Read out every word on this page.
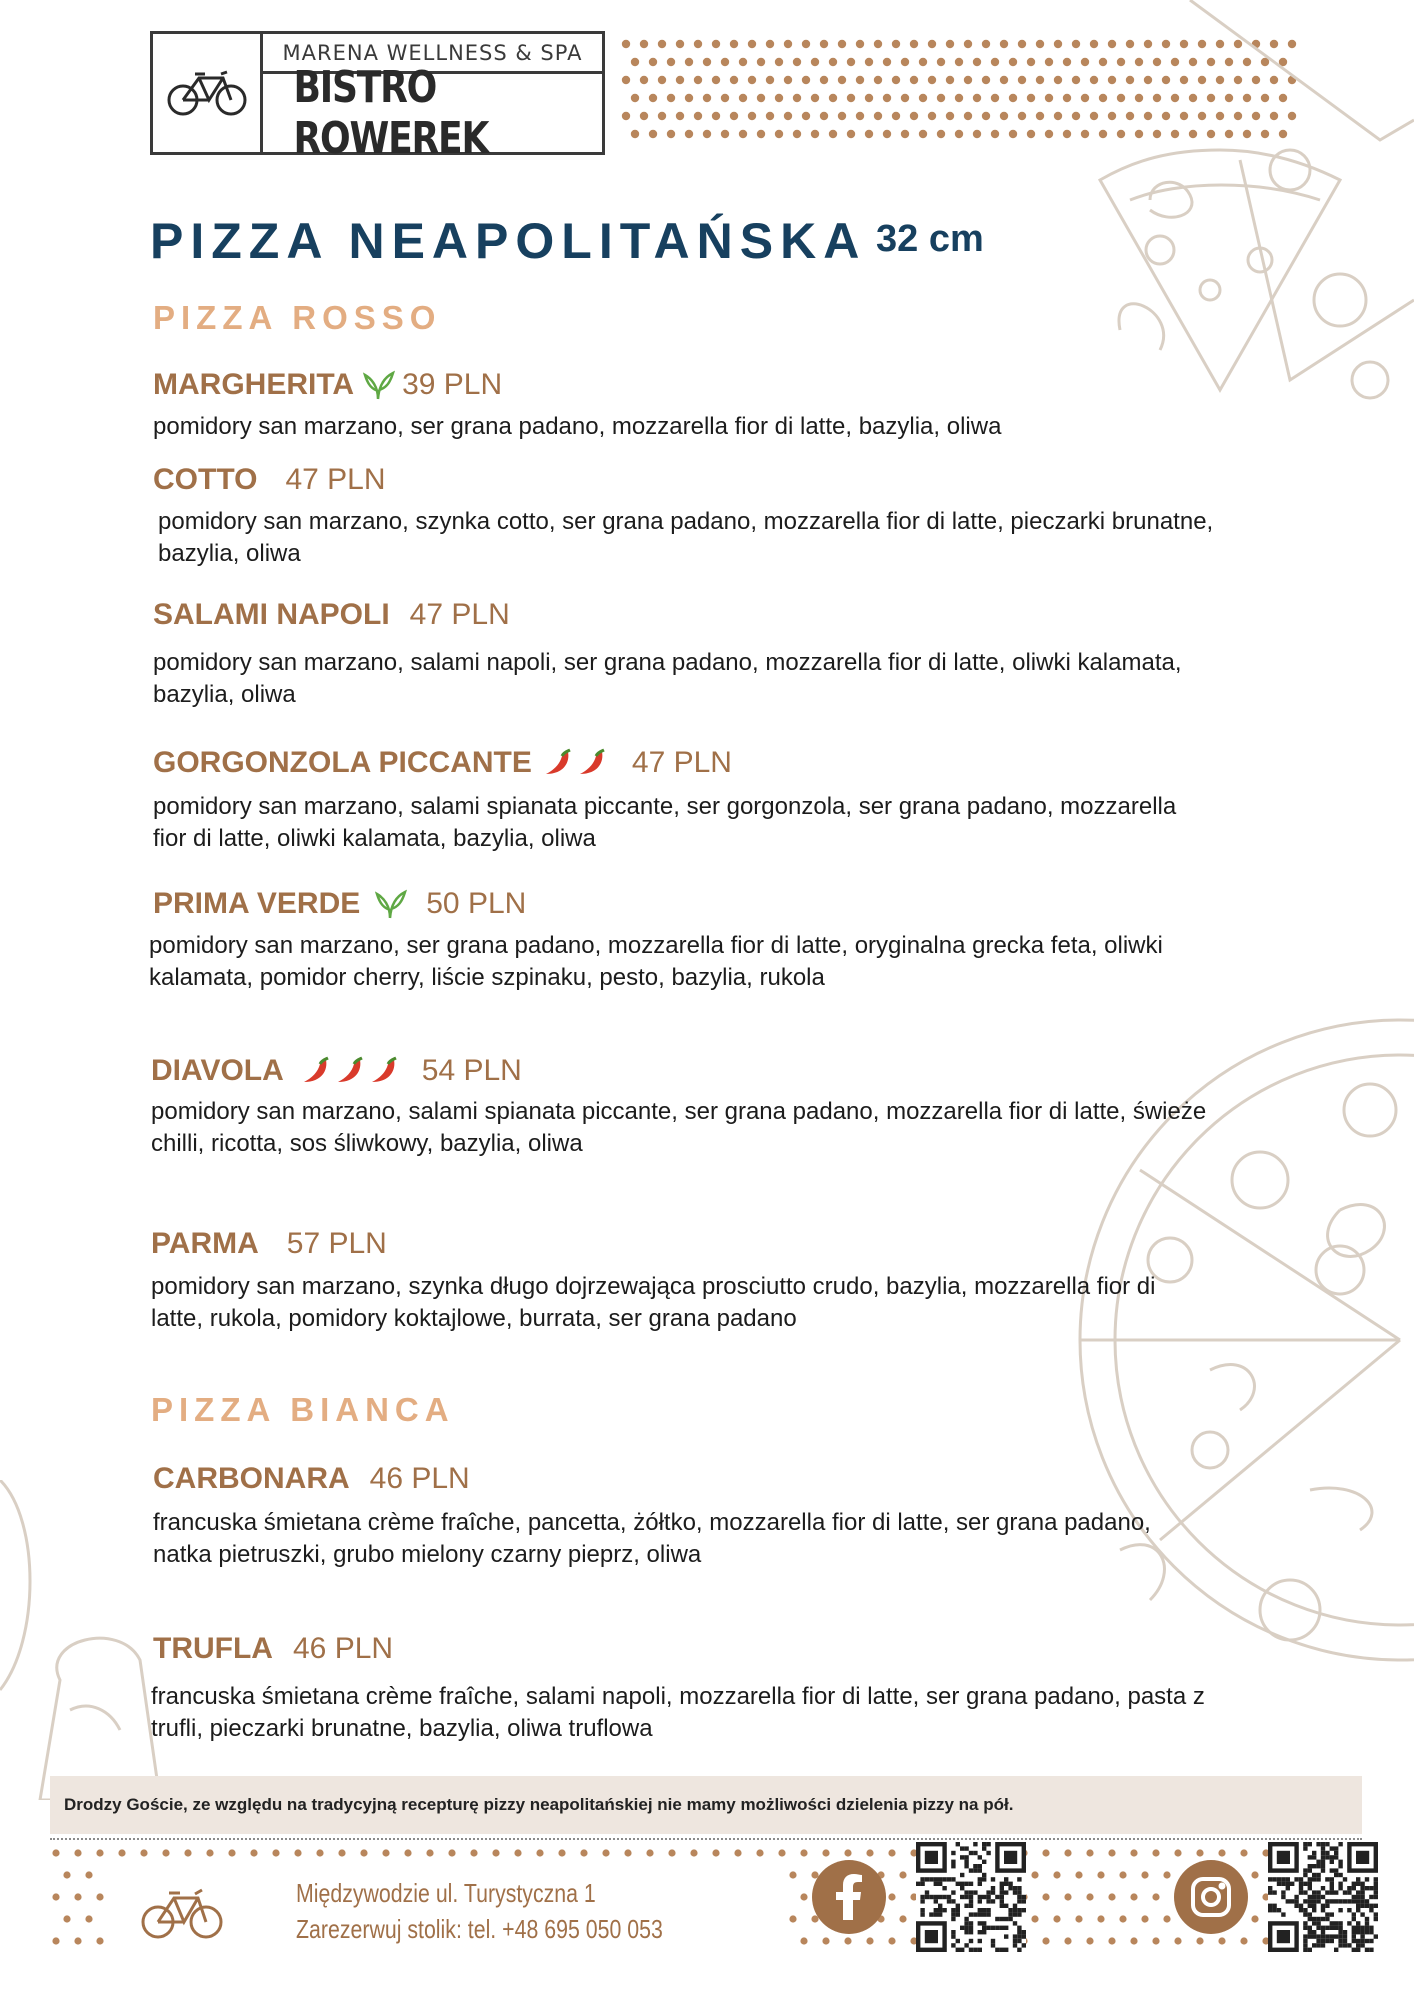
MARENA WELLNESS & SPA
BISTRO ROWEREK
PIZZA NEAPOLITAŃSKA 32 cm
PIZZA ROSSO
MARGHERITA 39 PLN
pomidory san marzano, ser grana padano, mozzarella fior di latte, bazylia, oliwa
COTTO 47 PLN
pomidory san marzano, szynka cotto, ser grana padano, mozzarella fior di latte, pieczarki brunatne, bazylia, oliwa
SALAMI NAPOLI 47 PLN
pomidory san marzano, salami napoli, ser grana padano, mozzarella fior di latte, oliwki kalamata, bazylia, oliwa
GORGONZOLA PICCANTE	47 PLN
pomidory san marzano, salami spianata piccante, ser gorgonzola, ser grana padano, mozzarella fior di latte, oliwki kalamata, bazylia, oliwa
PRIMA VERDE 50 PLN
pomidory san marzano, ser grana padano, mozzarella fior di latte, oryginalna grecka feta, oliwki kalamata, pomidor cherry, liście szpinaku, pesto, bazylia, rukola
DIAVOLA	54 PLN
pomidory san marzano, salami spianata piccante, ser grana padano, mozzarella fior di latte, świeże chilli, ricotta, sos śliwkowy, bazylia, oliwa
PARMA 57 PLN
pomidory san marzano, szynka długo dojrzewająca prosciutto crudo, bazylia, mozzarella fior di latte, rukola, pomidory koktajlowe, burrata, ser grana padano
PIZZA BIANCA
CARBONARA 46 PLN
francuska śmietana crème fraîche, pancetta, żółtko, mozzarella fior di latte, ser grana padano, natka pietruszki, grubo mielony czarny pieprz, oliwa
TRUFLA 46 PLN
francuska śmietana crème fraîche, salami napoli, mozzarella fior di latte, ser grana padano, pasta z trufli, pieczarki brunatne, bazylia, oliwa truflowa
Drodzy Goście, ze względu na tradycyjną recepturę pizzy neapolitańskiej nie mamy możliwości dzielenia pizzy na pół.
Międzywodzie ul. Turystyczna 1
Zarezerwuj stolik: tel. +48 695 050 053
